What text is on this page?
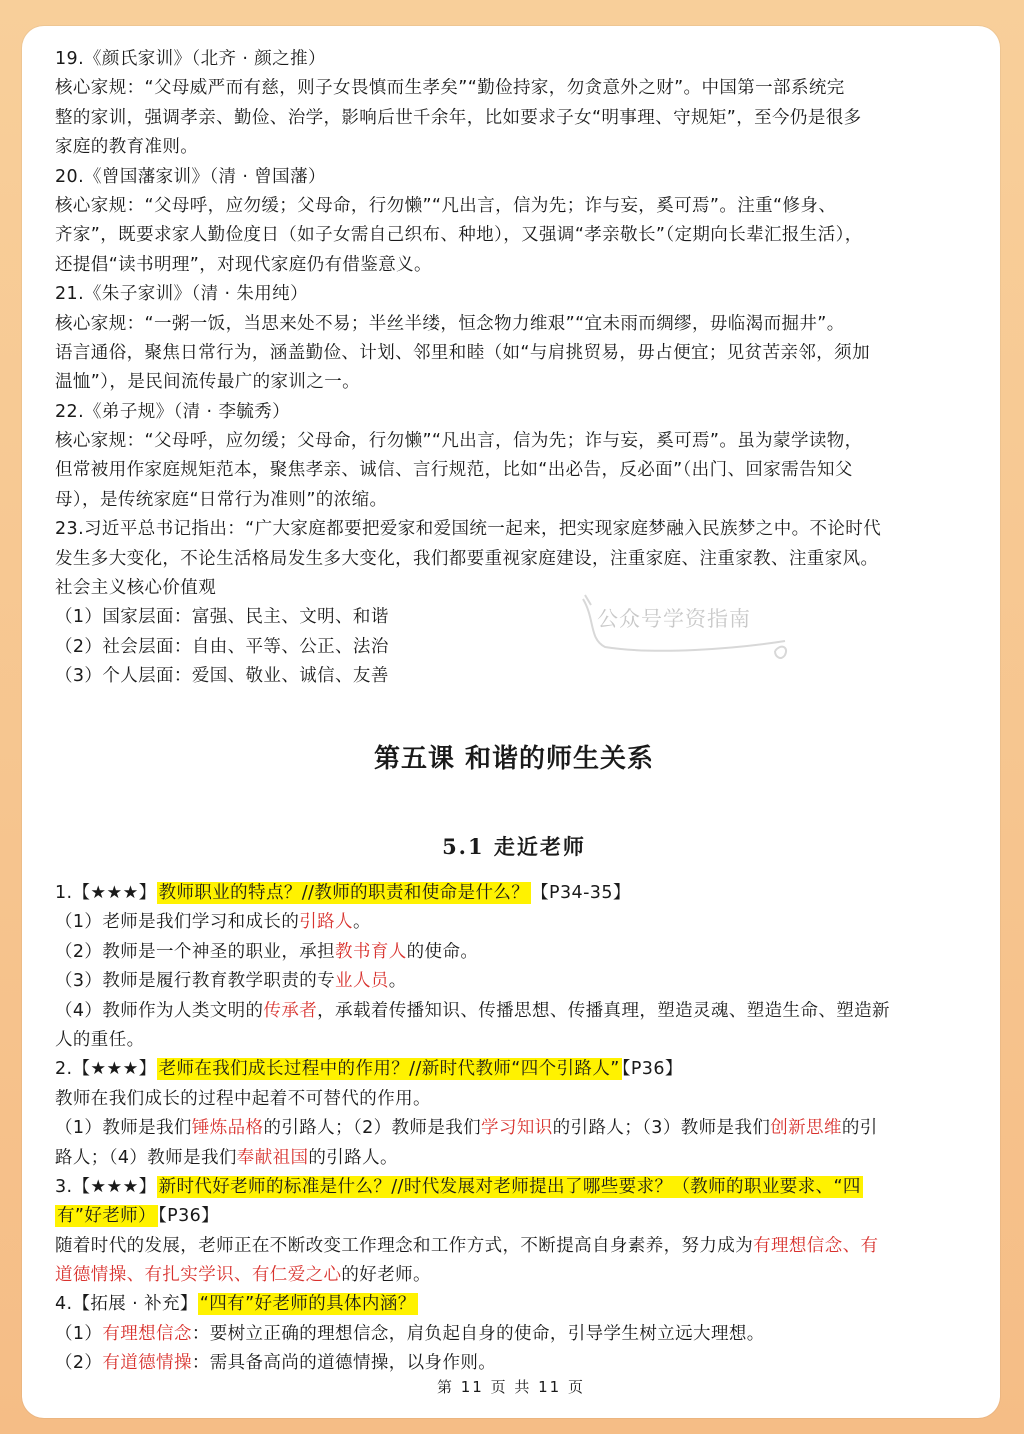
19.《颜氏家训》（北齐 · 颜之推）
核心家规：“父母威严而有慈，则子女畏慎而生孝矣”“勤俭持家，勿贪意外之财”。中国第一部系统完
整的家训，强调孝亲、勤俭、治学，影响后世千余年，比如要求子女“明事理、守规矩”，至今仍是很多
家庭的教育准则。
20.《曾国藩家训》（清 · 曾国藩）
核心家规：“父母呼，应勿缓；父母命，行勿懒”“凡出言，信为先；诈与妄，奚可焉”。注重“修身、
齐家”，既要求家人勤俭度日（如子女需自己织布、种地），又强调“孝亲敬长”（定期向长辈汇报生活），
还提倡“读书明理”，对现代家庭仍有借鉴意义。
21.《朱子家训》（清 · 朱用纯）
核心家规：“一粥一饭，当思来处不易；半丝半缕，恒念物力维艰”“宜未雨而绸缪，毋临渴而掘井”。
语言通俗，聚焦日常行为，涵盖勤俭、计划、邻里和睦（如“与肩挑贸易，毋占便宜；见贫苦亲邻，须加
温恤”），是民间流传最广的家训之一。
22.《弟子规》（清 · 李毓秀）
核心家规：“父母呼，应勿缓；父母命，行勿懒”“凡出言，信为先；诈与妄，奚可焉”。虽为蒙学读物，
但常被用作家庭规矩范本，聚焦孝亲、诚信、言行规范，比如“出必告，反必面”（出门、回家需告知父
母），是传统家庭“日常行为准则”的浓缩。
23.习近平总书记指出：“广大家庭都要把爱家和爱国统一起来，把实现家庭梦融入民族梦之中。不论时代
发生多大变化，不论生活格局发生多大变化，我们都要重视家庭建设，注重家庭、注重家教、注重家风。
社会主义核心价值观
（1）国家层面：富强、民主、文明、和谐
（2）社会层面：自由、平等、公正、法治
（3）个人层面：爱国、敬业、诚信、友善
第五课 和谐的师生关系
5.1 走近老师
1.【★★★】 教师职业的特点？//教师的职责和使命是什么？ 【P34-35】
（1）老师是我们学习和成长的引路人。
（2）教师是一个神圣的职业，承担教书育人的使命。
（3）教师是履行教育教学职责的专业人员。
（4）教师作为人类文明的传承者，承载着传播知识、传播思想、传播真理，塑造灵魂、塑造生命、塑造新
人的重任。
2.【★★★】 老师在我们成长过程中的作用？//新时代教师“四个引路人” 【P36】
教师在我们成长的过程中起着不可替代的作用。
（1）教师是我们锤炼品格的引路人；（2）教师是我们学习知识的引路人；（3）教师是我们创新思维的引
路人；（4）教师是我们奉献祖国的引路人。
3.【★★★】 新时代好老师的标准是什么？//时代发展对老师提出了哪些要求？（教师的职业要求、“四
有”好老师） 【P36】
随着时代的发展，老师正在不断改变工作理念和工作方式，不断提高自身素养，努力成为有理想信念、有
道德情操、有扎实学识、有仁爱之心的好老师。
4.【拓展 · 补充】 “四有”好老师的具体内涵？
（1）有理想信念：要树立正确的理想信念，肩负起自身的使命，引导学生树立远大理想。
（2）有道德情操：需具备高尚的道德情操，以身作则。
公众号学资指南
第 11 页 共 11 页
